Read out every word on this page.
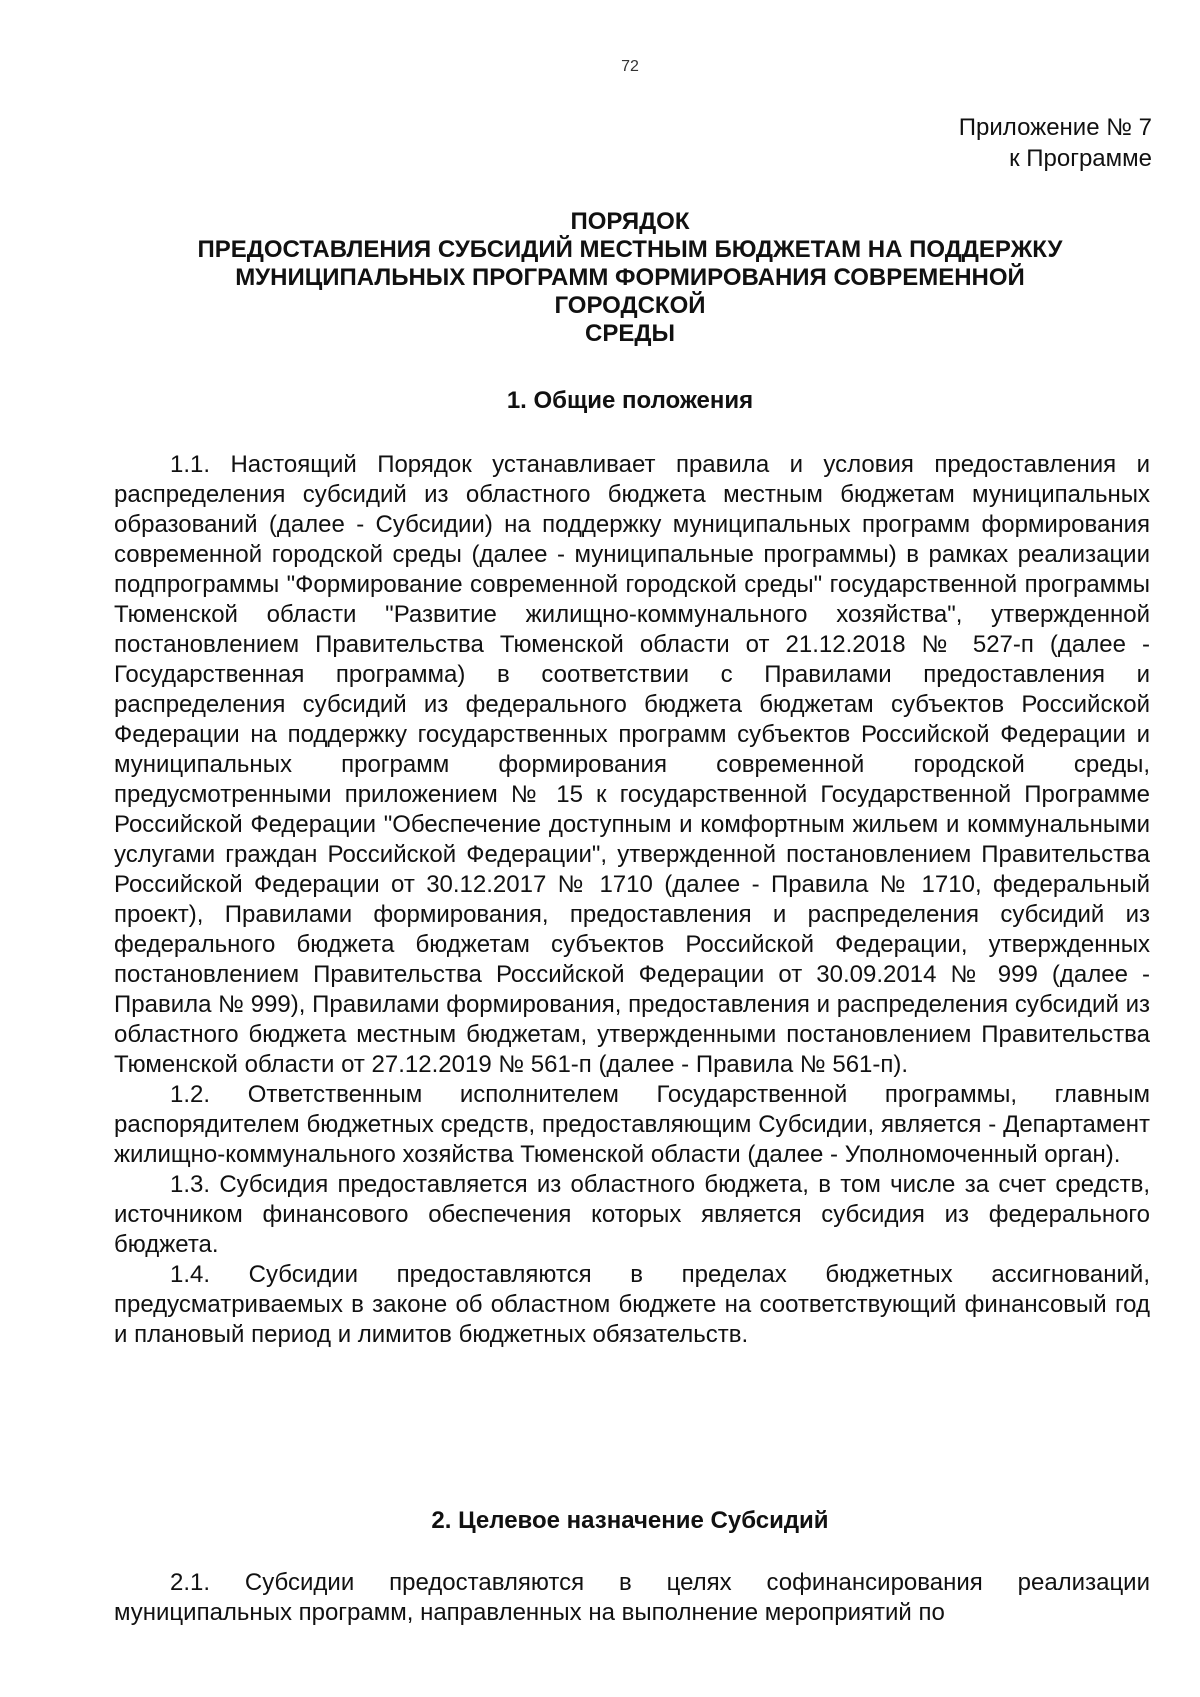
72
Приложение № 7
к Программе
ПОРЯДОК
ПРЕДОСТАВЛЕНИЯ СУБСИДИЙ МЕСТНЫМ БЮДЖЕТАМ НА ПОДДЕРЖКУ
МУНИЦИПАЛЬНЫХ ПРОГРАММ ФОРМИРОВАНИЯ СОВРЕМЕННОЙ
ГОРОДСКОЙ
СРЕДЫ
1. Общие положения

1.1. Настоящий Порядок устанавливает правила и условия предоставления и распределения субсидий из областного бюджета местным бюджетам муниципальных образований (далее - Субсидии) на поддержку муниципальных программ формирования современной городской среды (далее - муниципальные программы) в рамках реализации подпрограммы "Формирование современной городской среды" государственной программы Тюменской области "Развитие жилищно-коммунального хозяйства", утвержденной постановлением Правительства Тюменской области от 21.12.2018 № 527-п (далее - Государственная программа) в соответствии с Правилами предоставления и распределения субсидий из федерального бюджета бюджетам субъектов Российской Федерации на поддержку государственных программ субъектов Российской Федерации и муниципальных программ формирования современной городской среды, предусмотренными приложением № 15 к государственной Государственной Программе Российской Федерации "Обеспечение доступным и комфортным жильем и коммунальными услугами граждан Российской Федерации", утвержденной постановлением Правительства Российской Федерации от 30.12.2017 № 1710 (далее - Правила № 1710, федеральный проект), Правилами формирования, предоставления и распределения субсидий из федерального бюджета бюджетам субъектов Российской Федерации, утвержденных постановлением Правительства Российской Федерации от 30.09.2014 № 999 (далее - Правила № 999), Правилами формирования, предоставления и распределения субсидий из областного бюджета местным бюджетам, утвержденными постановлением Правительства Тюменской области от 27.12.2019 № 561-п (далее - Правила № 561-п).

1.2. Ответственным исполнителем Государственной программы, главным распорядителем бюджетных средств, предоставляющим Субсидии, является - Департамент жилищно-коммунального хозяйства Тюменской области (далее - Уполномоченный орган).

1.3. Субсидия предоставляется из областного бюджета, в том числе за счет средств, источником финансового обеспечения которых является субсидия из федерального бюджета.

1.4. Субсидии предоставляются в пределах бюджетных ассигнований, предусматриваемых в законе об областном бюджете на соответствующий финансовый год и плановый период и лимитов бюджетных обязательств.

2. Целевое назначение Субсидий

2.1. Субсидии предоставляются в целях софинансирования реализации муниципальных программ, направленных на выполнение мероприятий по
